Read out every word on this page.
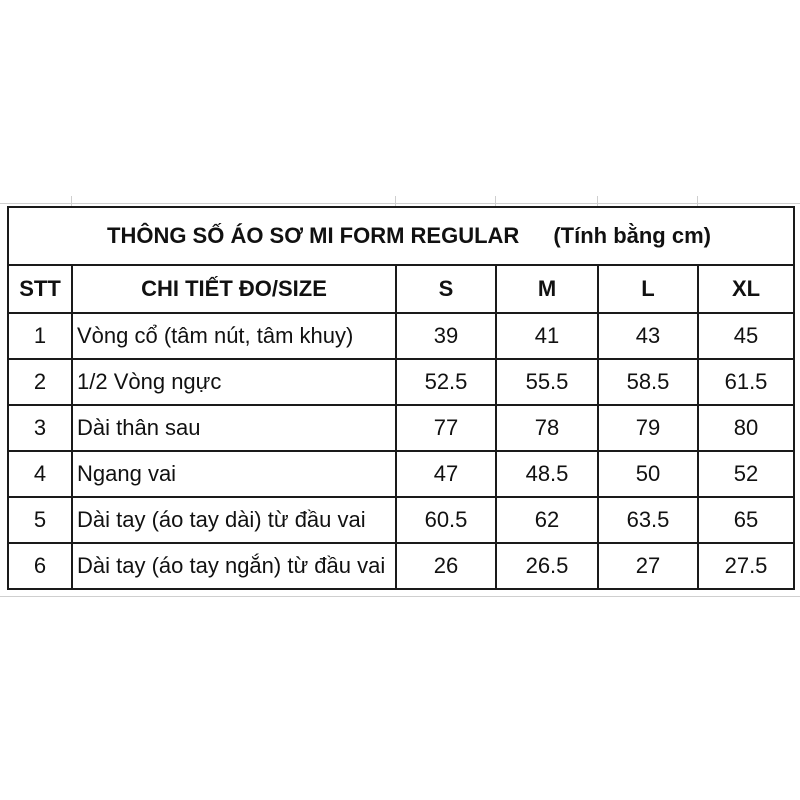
THÔNG SỐ ÁO SƠ MI FORM REGULAR (Tính bằng cm)					
STT	CHI TIẾT ĐO/SIZE	S	M	L	XL
1	Vòng cổ (tâm nút, tâm khuy)	39	41	43	45
2	1/2 Vòng ngực	52.5	55.5	58.5	61.5
3	Dài thân sau	77	78	79	80
4	Ngang vai	47	48.5	50	52
5	Dài tay (áo tay dài) từ đầu vai	60.5	62	63.5	65
6	Dài tay (áo tay ngắn) từ đầu vai	26	26.5	27	27.5
